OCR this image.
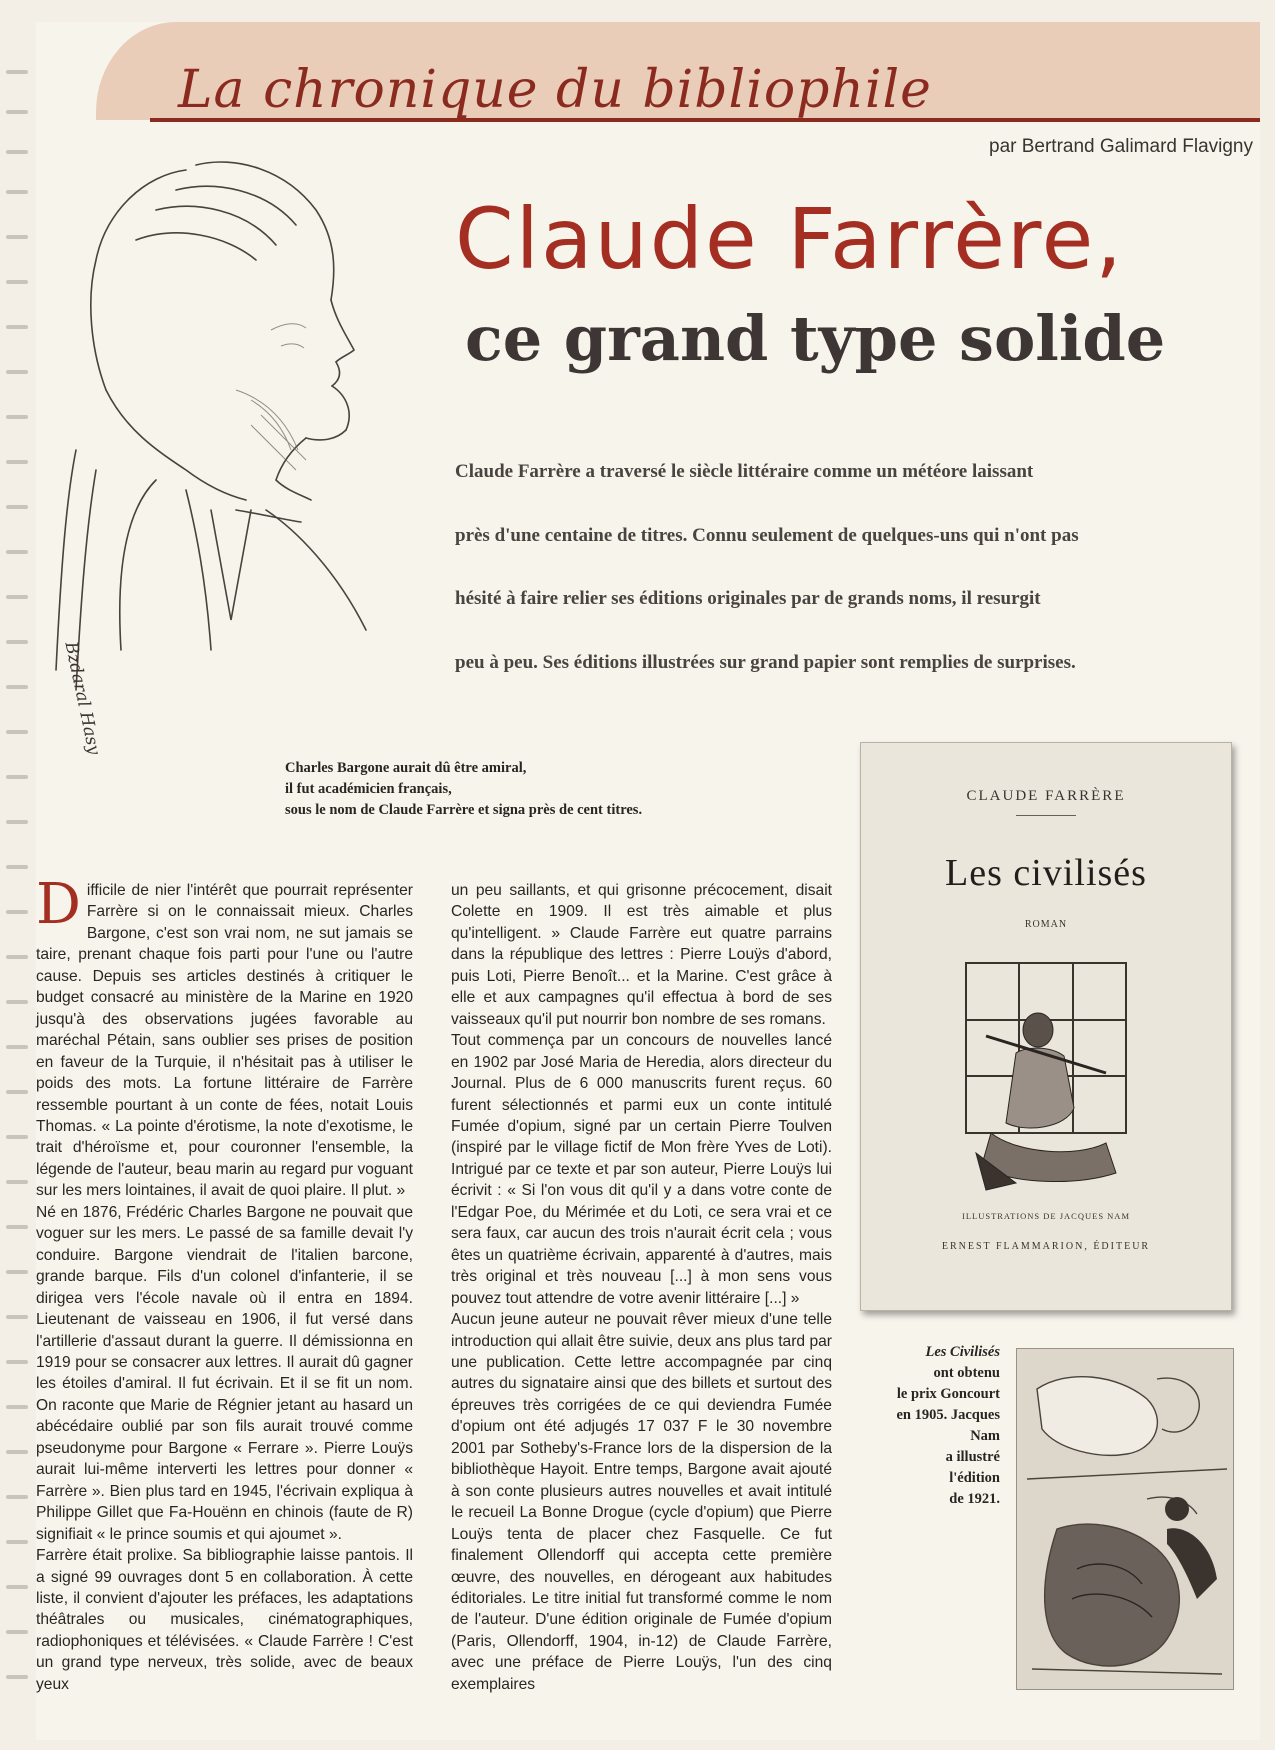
La chronique du bibliophile
par Bertrand Galimard Flavigny
Bzdaral Hasy
Claude Farrère,
ce grand type solide
Claude Farrère a traversé le siècle littéraire comme un météore laissant
près d'une centaine de titres. Connu seulement de quelques-uns qui n'ont pas
hésité à faire relier ses éditions originales par de grands noms, il resurgit
peu à peu. Ses éditions illustrées sur grand papier sont remplies de surprises.
Charles Bargone aurait dû être amiral,
il fut académicien français,
sous le nom de Claude Farrère et signa près de cent titres.
D ifficile de nier l'intérêt que pourrait représenter Farrère si on le connaissait mieux. Charles Bargone, c'est son vrai nom, ne sut jamais se taire, prenant chaque fois parti pour l'une ou l'autre cause. Depuis ses articles destinés à critiquer le budget consacré au ministère de la Marine en 1920 jusqu'à des observations jugées favorable au maréchal Pétain, sans oublier ses prises de position en faveur de la Turquie, il n'hésitait pas à utiliser le poids des mots. La fortune littéraire de Farrère ressemble pourtant à un conte de fées, notait Louis Thomas. « La pointe d'érotisme, la note d'exotisme, le trait d'héroïsme et, pour couronner l'ensemble, la légende de l'auteur, beau marin au regard pur voguant sur les mers lointaines, il avait de quoi plaire. Il plut. »

Né en 1876, Frédéric Charles Bargone ne pouvait que voguer sur les mers. Le passé de sa famille devait l'y conduire. Bargone viendrait de l'italien barcone, grande barque. Fils d'un colonel d'infanterie, il se dirigea vers l'école navale où il entra en 1894. Lieutenant de vaisseau en 1906, il fut versé dans l'artillerie d'assaut durant la guerre. Il démissionna en 1919 pour se consacrer aux lettres. Il aurait dû gagner les étoiles d'amiral. Il fut écrivain. Et il se fit un nom. On raconte que Marie de Régnier jetant au hasard un abécédaire oublié par son fils aurait trouvé comme pseudonyme pour Bargone « Ferrare ». Pierre Louÿs aurait lui-même interverti les lettres pour donner « Farrère ». Bien plus tard en 1945, l'écrivain expliqua à Philippe Gillet que Fa-Houënn en chinois (faute de R) signifiait « le prince soumis et qui ajoumet ».

Farrère était prolixe. Sa bibliographie laisse pantois. Il a signé 99 ouvrages dont 5 en collaboration. À cette liste, il convient d'ajouter les préfaces, les adaptations théâtrales ou musicales, cinématographiques, radiophoniques et télévisées. « Claude Farrère ! C'est un grand type nerveux, très solide, avec de beaux yeux

un peu saillants, et qui grisonne précocement, disait Colette en 1909. Il est très aimable et plus qu'intelligent. » Claude Farrère eut quatre parrains dans la république des lettres : Pierre Louÿs d'abord, puis Loti, Pierre Benoît... et la Marine. C'est grâce à elle et aux campagnes qu'il effectua à bord de ses vaisseaux qu'il put nourrir bon nombre de ses romans.

Tout commença par un concours de nouvelles lancé en 1902 par José Maria de Heredia, alors directeur du Journal. Plus de 6 000 manuscrits furent reçus. 60 furent sélectionnés et parmi eux un conte intitulé Fumée d'opium, signé par un certain Pierre Toulven (inspiré par le village fictif de Mon frère Yves de Loti). Intrigué par ce texte et par son auteur, Pierre Louÿs lui écrivit : « Si l'on vous dit qu'il y a dans votre conte de l'Edgar Poe, du Mérimée et du Loti, ce sera vrai et ce sera faux, car aucun des trois n'aurait écrit cela ; vous êtes un quatrième écrivain, apparenté à d'autres, mais très original et très nouveau [...] à mon sens vous pouvez tout attendre de votre avenir littéraire [...] »

Aucun jeune auteur ne pouvait rêver mieux d'une telle introduction qui allait être suivie, deux ans plus tard par une publication. Cette lettre accompagnée par cinq autres du signataire ainsi que des billets et surtout des épreuves très corrigées de ce qui deviendra Fumée d'opium ont été adjugés 17 037 F le 30 novembre 2001 par Sotheby's-France lors de la dispersion de la bibliothèque Hayoit. Entre temps, Bargone avait ajouté à son conte plusieurs autres nouvelles et avait intitulé le recueil La Bonne Drogue (cycle d'opium) que Pierre Louÿs tenta de placer chez Fasquelle. Ce fut finalement Ollendorff qui accepta cette première œuvre, des nouvelles, en dérogeant aux habitudes éditoriales. Le titre initial fut transformé comme le nom de l'auteur. D'une édition originale de Fumée d'opium (Paris, Ollendorff, 1904, in-12) de Claude Farrère, avec une préface de Pierre Louÿs, l'un des cinq exemplaires

CLAUDE FARRÈRE
Les civilisés
ROMAN
ILLUSTRATIONS DE JACQUES NAM
ERNEST FLAMMARION, ÉDITEUR
Les Civilisés
ont obtenu
le prix Goncourt
en 1905. Jacques
Nam
a illustré
l'édition
de 1921.
